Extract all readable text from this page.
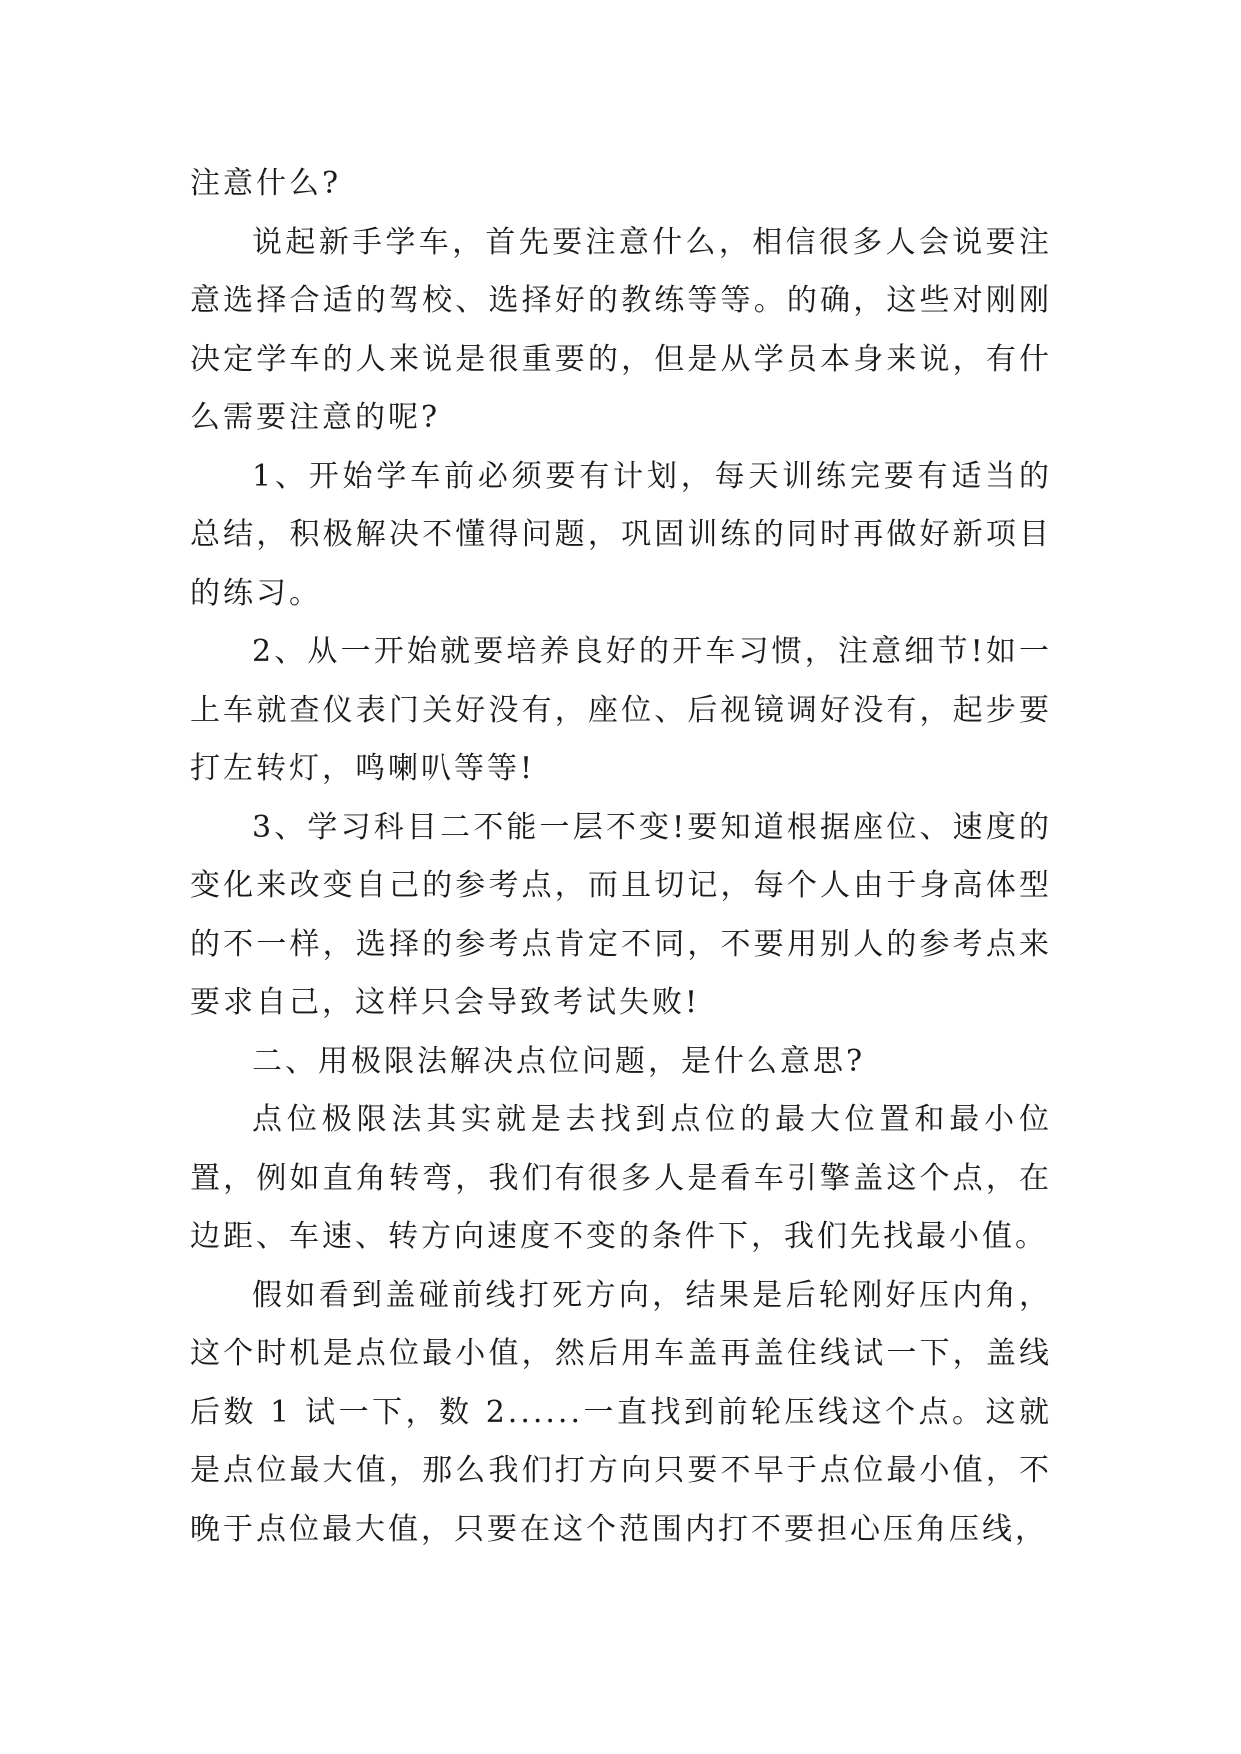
注意什么?

说起新手学车，首先要注意什么，相信很多人会说要注意选择合适的驾校、选择好的教练等等。的确，这些对刚刚决定学车的人来说是很重要的，但是从学员本身来说，有什么需要注意的呢?

1、开始学车前必须要有计划，每天训练完要有适当的总结，积极解决不懂得问题，巩固训练的同时再做好新项目的练习。

2、从一开始就要培养良好的开车习惯，注意细节!如一上车就查仪表门关好没有，座位、后视镜调好没有，起步要打左转灯，鸣喇叭等等!

3、学习科目二不能一层不变!要知道根据座位、速度的变化来改变自己的参考点，而且切记，每个人由于身高体型的不一样，选择的参考点肯定不同，不要用别人的参考点来要求自己，这样只会导致考试失败!

二、用极限法解决点位问题，是什么意思?

点位极限法其实就是去找到点位的最大位置和最小位置，例如直角转弯，我们有很多人是看车引擎盖这个点，在边距、车速、转方向速度不变的条件下，我们先找最小值。

假如看到盖碰前线打死方向，结果是后轮刚好压内角，这个时机是点位最小值，然后用车盖再盖住线试一下，盖线后数 1 试一下，数 2......一直找到前轮压线这个点。这就是点位最大值，那么我们打方向只要不早于点位最小值，不晚于点位最大值，只要在这个范围内打不要担心压角压线，
